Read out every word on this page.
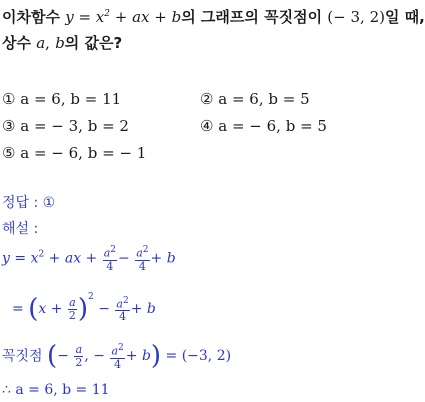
이차함수 $y = x^2$ + ax + b의 그래프의 꼭짓점이 (− 3, 2)일 때,
상수 a, b의 값은?
① a = 6, b = 11	② a = 6, b = 5
③ a = − 3, b = 2	④ a = − 6, b = 5
⑤ a = − 6, b = − 1
정답 : ①
해설 :
$y = x^2$ + ax + $\frac{a^2}{4} - \frac{a^2}{4} + b$
= $(x + \frac{a}{2} )^2 - \frac{a^2}{4} + b$
꼭짓점 (− $\frac{a}{2}$ , − $\frac{a^2}{4} + b) = (-3$, 2)
∴ a = 6, b = 11
